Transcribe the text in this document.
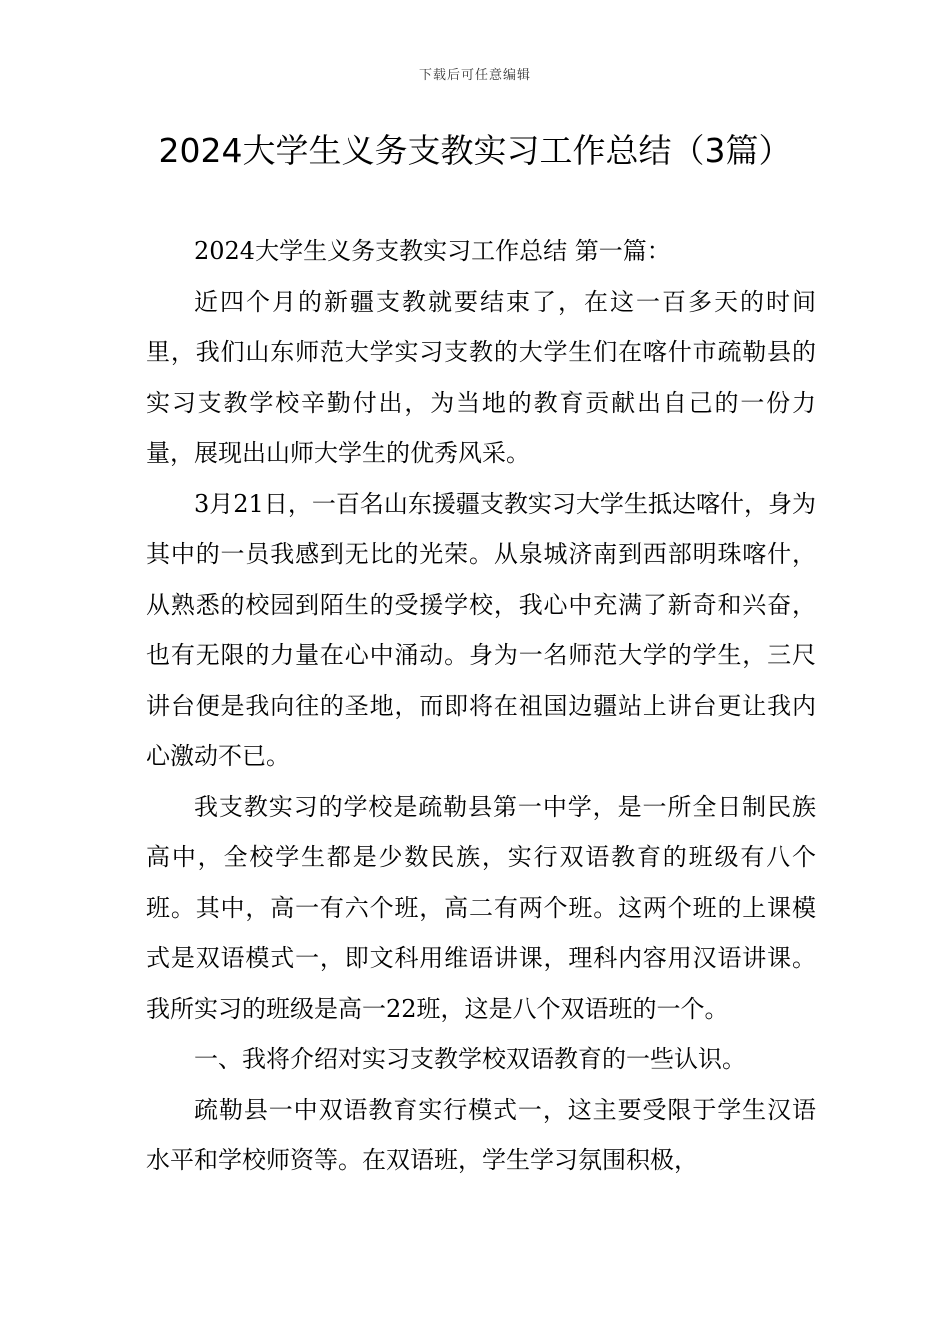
下载后可任意编辑
2024大学生义务支教实习工作总结（3篇）

2024大学生义务支教实习工作总结 第一篇：

近四个月的新疆支教就要结束了，在这一百多天的时间里，我们山东师范大学实习支教的大学生们在喀什市疏勒县的实习支教学校辛勤付出，为当地的教育贡献出自己的一份力量，展现出山师大学生的优秀风采。

3月21日，一百名山东援疆支教实习大学生抵达喀什，身为其中的一员我感到无比的光荣。从泉城济南到西部明珠喀什，从熟悉的校园到陌生的受援学校，我心中充满了新奇和兴奋，也有无限的力量在心中涌动。身为一名师范大学的学生，三尺讲台便是我向往的圣地，而即将在祖国边疆站上讲台更让我内心激动不已。

我支教实习的学校是疏勒县第一中学，是一所全日制民族高中，全校学生都是少数民族，实行双语教育的班级有八个班。其中，高一有六个班，高二有两个班。这两个班的上课模式是双语模式一，即文科用维语讲课，理科内容用汉语讲课。我所实习的班级是高一22班，这是八个双语班的一个。

一、我将介绍对实习支教学校双语教育的一些认识。

疏勒县一中双语教育实行模式一，这主要受限于学生汉语水平和学校师资等。在双语班，学生学习氛围积极，
